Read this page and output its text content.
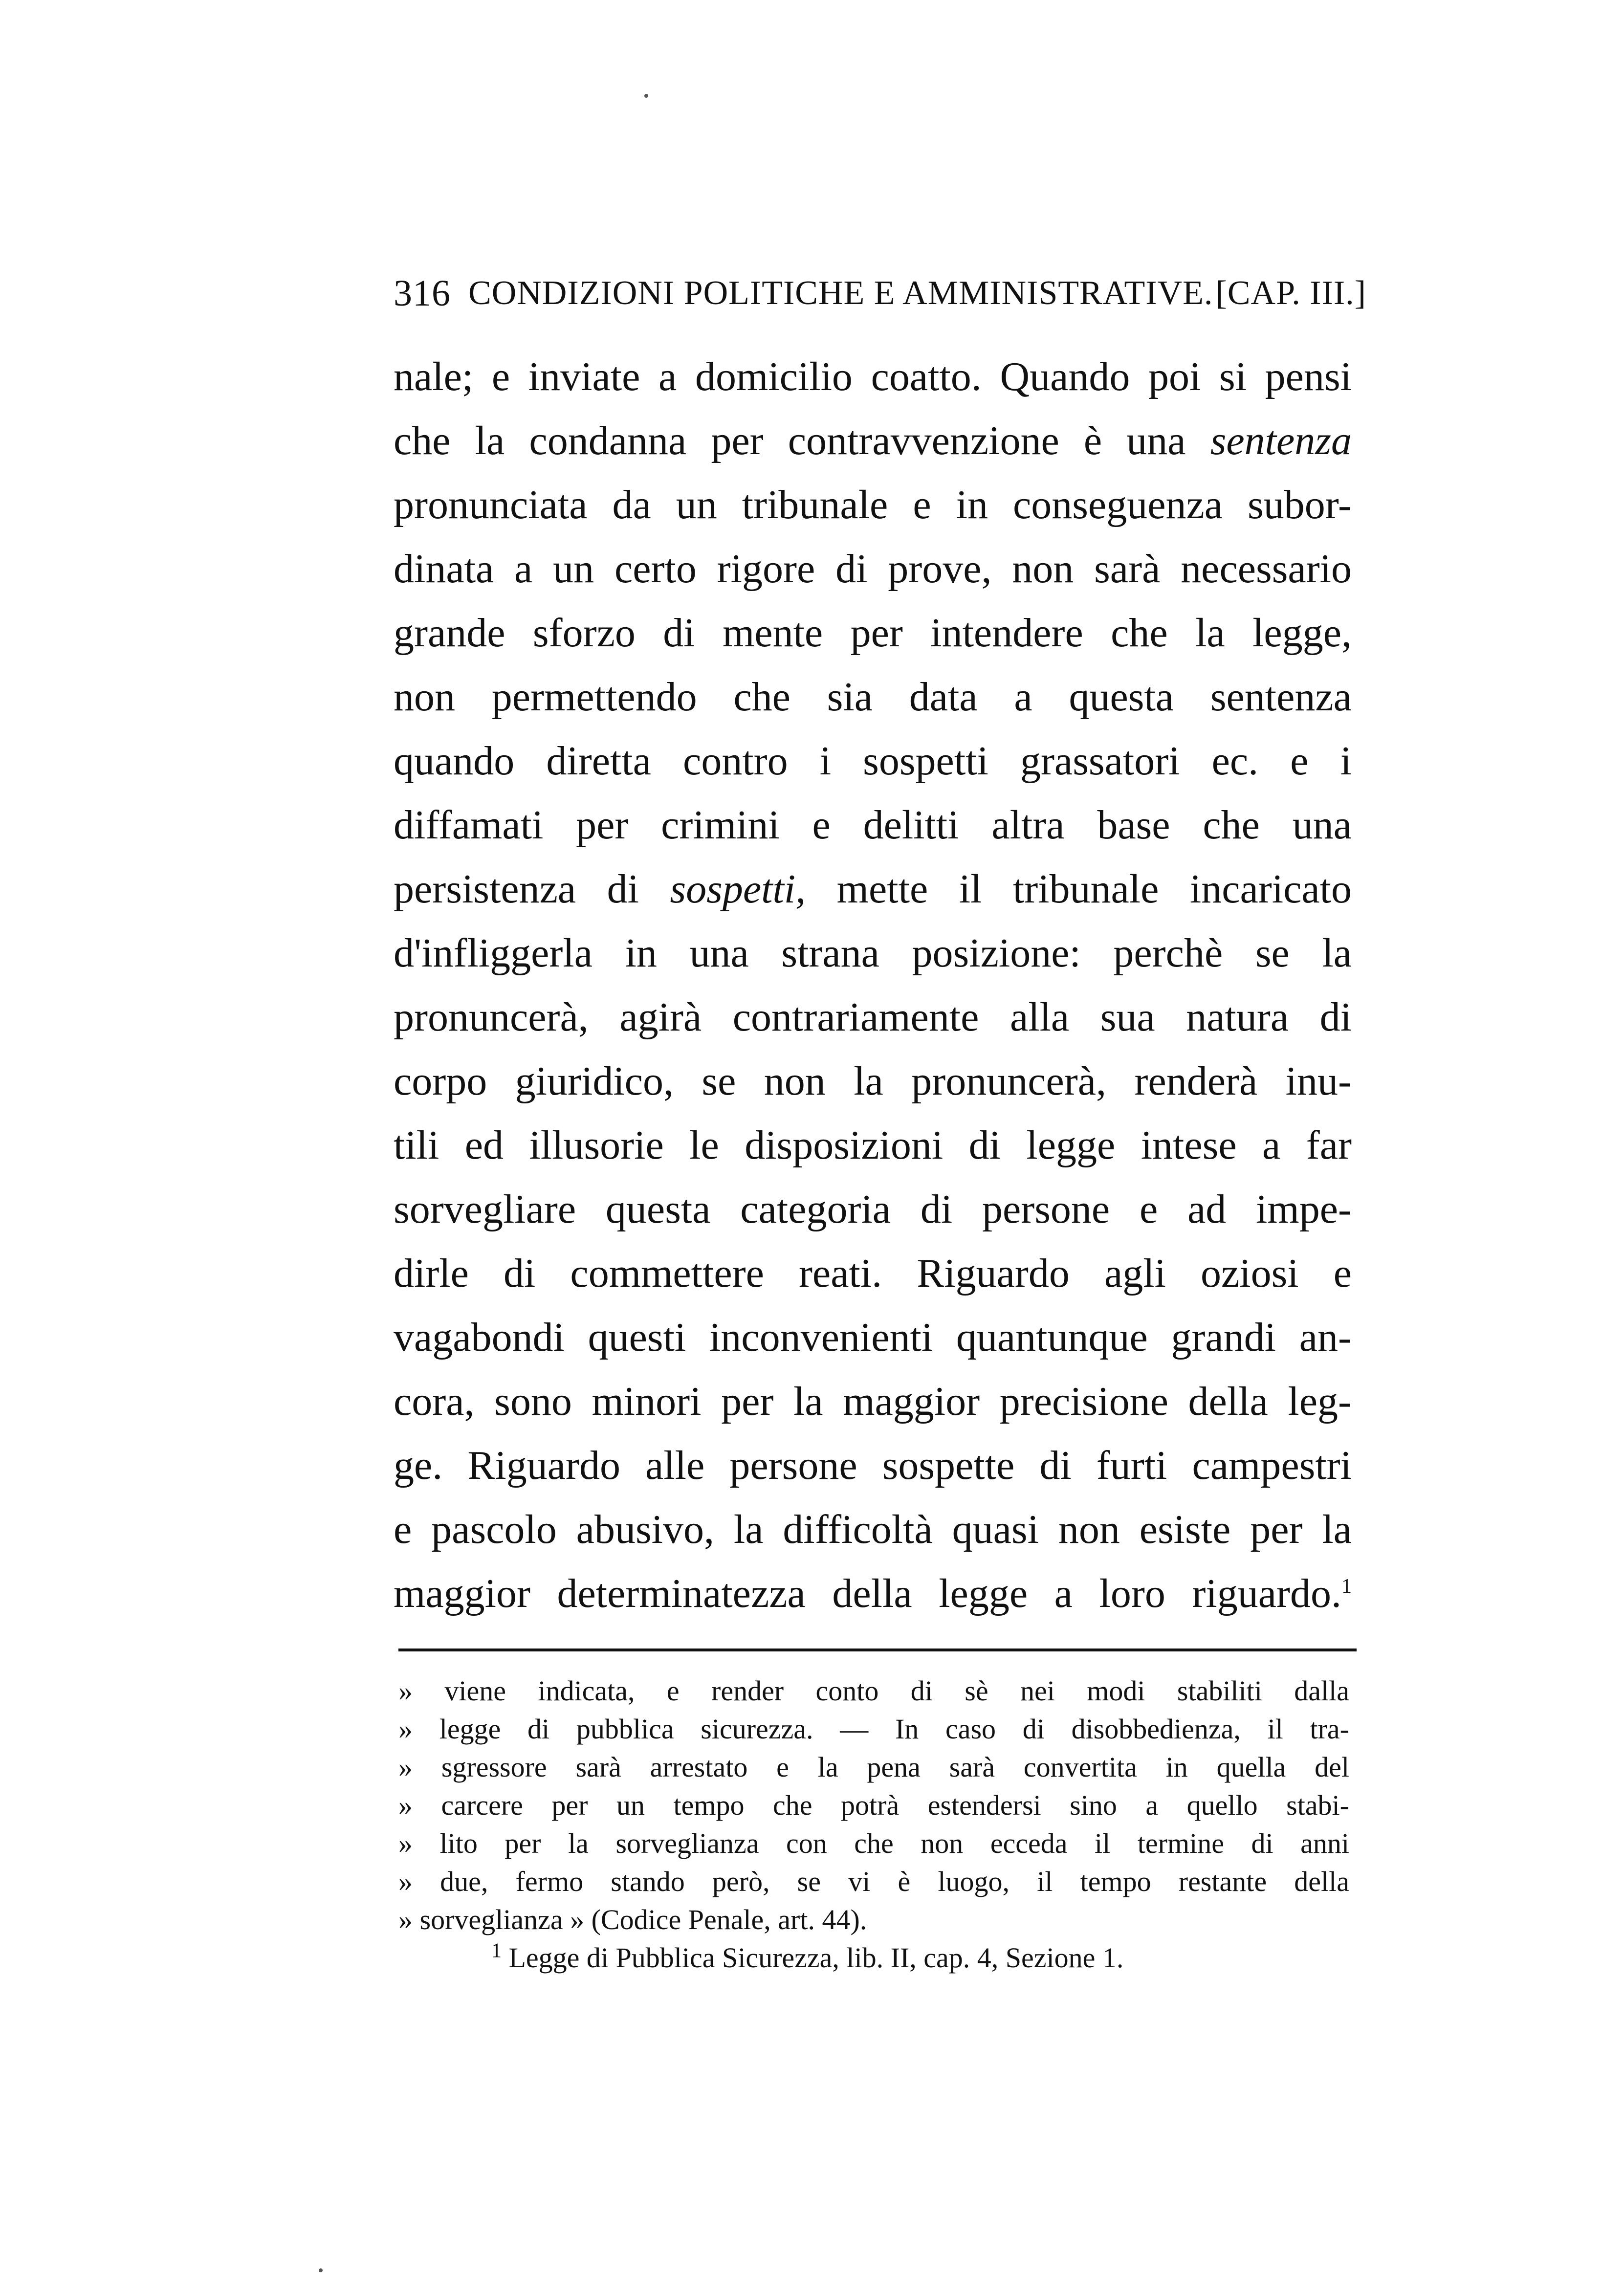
316 CONDIZIONI POLITICHE E AMMINISTRATIVE. [CAP. III.]
nale; e inviate a domicilio coatto. Quando poi si pensi
che la condanna per contravvenzione è una sentenza
pronunciata da un tribunale e in conseguenza subor-
dinata a un certo rigore di prove, non sarà necessario
grande sforzo di mente per intendere che la legge,
non permettendo che sia data a questa sentenza
quando diretta contro i sospetti grassatori ec. e i
diffamati per crimini e delitti altra base che una
persistenza di sospetti, mette il tribunale incaricato
d'infliggerla in una strana posizione: perchè se la
pronuncerà, agirà contrariamente alla sua natura di
corpo giuridico, se non la pronuncerà, renderà inu-
tili ed illusorie le disposizioni di legge intese a far
sorvegliare questa categoria di persone e ad impe-
dirle di commettere reati. Riguardo agli oziosi e
vagabondi questi inconvenienti quantunque grandi an-
cora, sono minori per la maggior precisione della leg-
ge. Riguardo alle persone sospette di furti campestri
e pascolo abusivo, la difficoltà quasi non esiste per la
maggior determinatezza della legge a loro riguardo.$^1$
» viene indicata, e render conto di sè nei modi stabiliti dalla
» legge di pubblica sicurezza. — In caso di disobbedienza, il tra-
» sgressore sarà arrestato e la pena sarà convertita in quella del
» carcere per un tempo che potrà estendersi sino a quello stabi-
» lito per la sorveglianza con che non ecceda il termine di anni
» due, fermo stando però, se vi è luogo, il tempo restante della
» sorveglianza » (Codice Penale, art. 44).
$^1$ Legge di Pubblica Sicurezza, lib. II, cap. 4, Sezione 1.
